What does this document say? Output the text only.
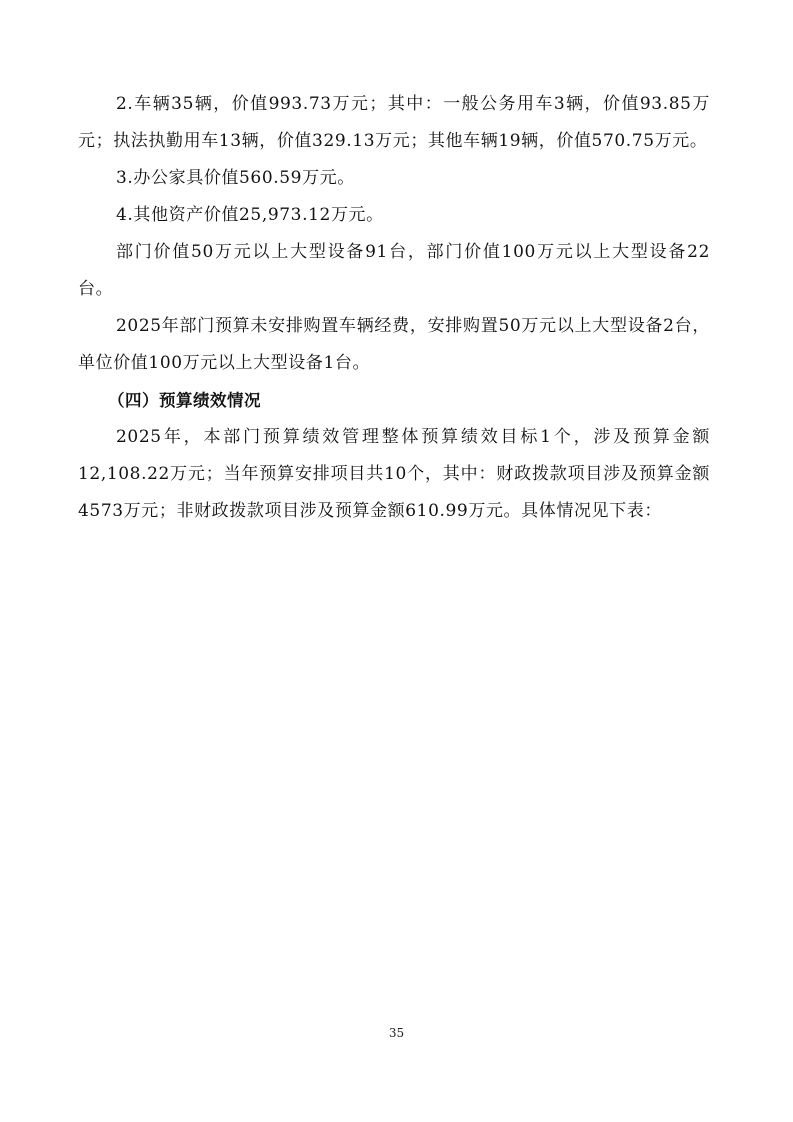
2.车辆35辆，价值993.73万元；其中：一般公务用车3辆，价值93.85万元；执法执勤用车13辆，价值329.13万元；其他车辆19辆，价值570.75万元。

3.办公家具价值560.59万元。

4.其他资产价值25,973.12万元。

部门价值50万元以上大型设备91台，部门价值100万元以上大型设备22台。

2025年部门预算未安排购置车辆经费，安排购置50万元以上大型设备2台，单位价值100万元以上大型设备1台。

（四）预算绩效情况

2025年，本部门预算绩效管理整体预算绩效目标1个，涉及预算金额12,108.22万元；当年预算安排项目共10个，其中：财政拨款项目涉及预算金额4573万元；非财政拨款项目涉及预算金额610.99万元。具体情况见下表：

35
